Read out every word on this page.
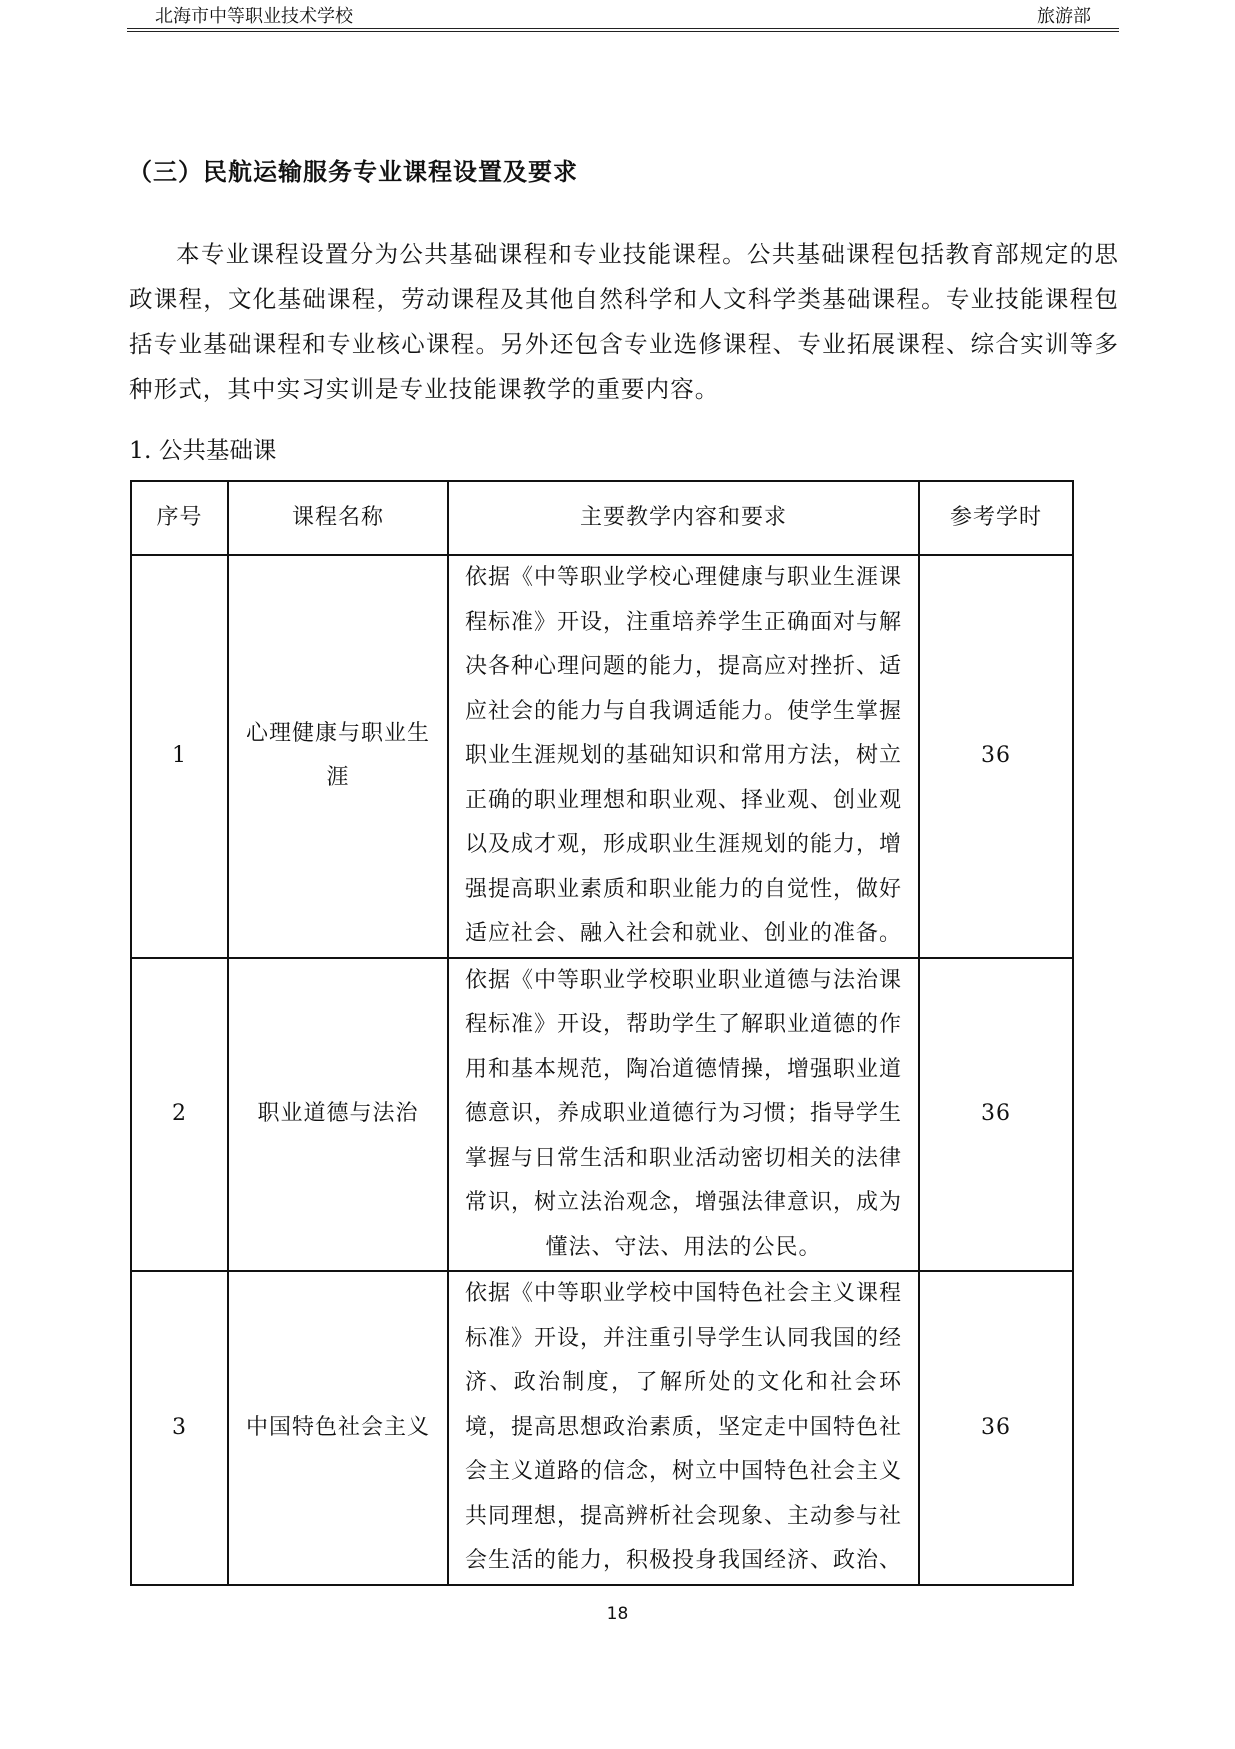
北海市中等职业技术学校	旅游部
（三）民航运输服务专业课程设置及要求

本专业课程设置分为公共基础课程和专业技能课程。公共基础课程包括教育部规定的思政课程，文化基础课程，劳动课程及其他自然科学和人文科学类基础课程。专业技能课程包括专业基础课程和专业核心课程。另外还包含专业选修课程、专业拓展课程、综合实训等多种形式，其中实习实训是专业技能课教学的重要内容。

1. 公共基础课
序号	课程名称	主要教学内容和要求	参考学时

1	心理健康与职业生涯	依据《中等职业学校心理健康与职业生涯课程标准》开设，注重培养学生正确面对与解决各种心理问题的能力，提高应对挫折、适应社会的能力与自我调适能力。使学生掌握职业生涯规划的基础知识和常用方法，树立正确的职业理想和职业观、择业观、创业观以及成才观，形成职业生涯规划的能力，增强提高职业素质和职业能力的自觉性，做好适应社会、融入社会和就业、创业的准备。	36

2	职业道德与法治	依据《中等职业学校职业职业道德与法治课程标准》开设，帮助学生了解职业道德的作用和基本规范，陶冶道德情操，增强职业道德意识，养成职业道德行为习惯；指导学生掌握与日常生活和职业活动密切相关的法律常识，树立法治观念，增强法律意识，成为懂法、守法、用法的公民。	36

3	中国特色社会主义	依据《中等职业学校中国特色社会主义课程标准》开设，并注重引导学生认同我国的经济、政治制度，了解所处的文化和社会环境，提高思想政治素质，坚定走中国特色社会主义道路的信念，树立中国特色社会主义共同理想，提高辨析社会现象、主动参与社会生活的能力，积极投身我国经济、政治、	36
18
